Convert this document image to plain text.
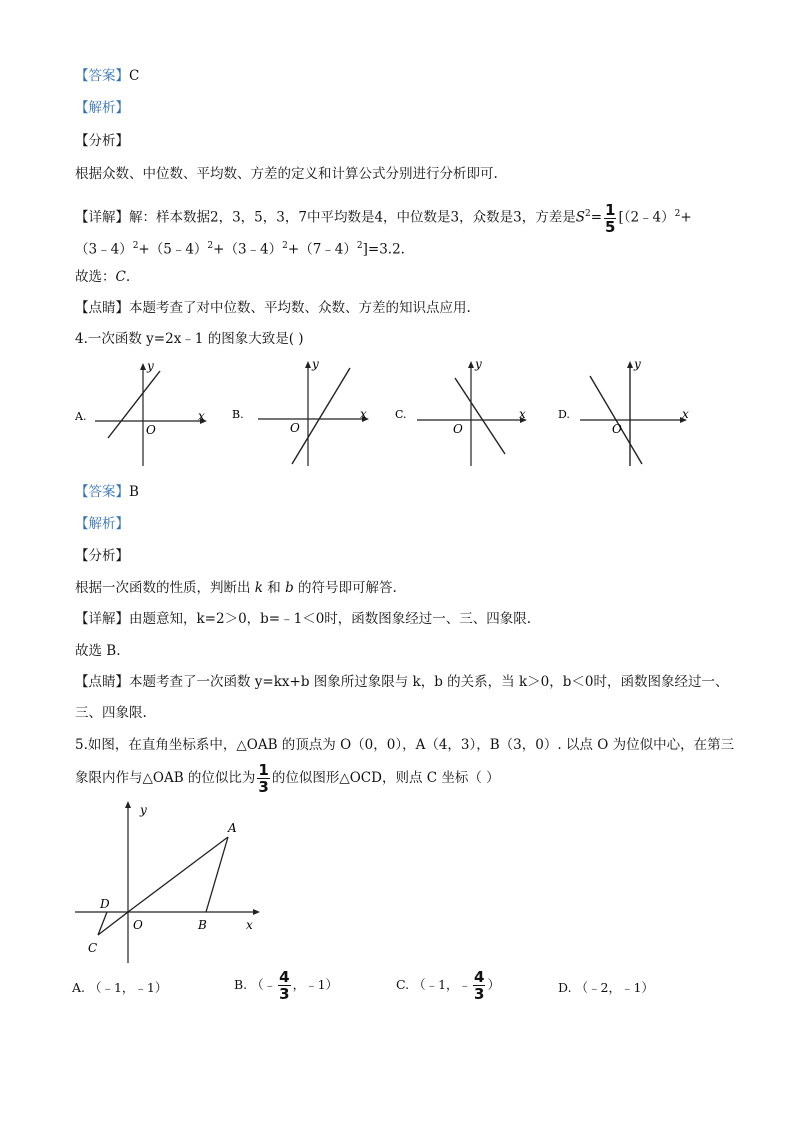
【答案】C
【解析】
【分析】
根据众数、中位数、平均数、方差的定义和计算公式分别进行分析即可.
【详解】解：样本数据2，3，5，3，7中平均数是4，中位数是3，众数是3，方差是$S^2= \frac{1}{5}$ [（2﹣4）$^2$+
（3﹣4）$^2$+（5﹣4）$^2$+（3﹣4）$^2$+（7﹣4）$^2$]=3.2.
故选：C.
【点睛】本题考查了对中位数、平均数、众数、方差的知识点应用.
4.一次函数 y=2x﹣1 的图象大致是( )
A.
y
x
O
B.
y
x
O
C.
y
x
O
D.
y
x
O
【答案】B
【解析】
【分析】
根据一次函数的性质，判断出 k 和 b 的符号即可解答.
【详解】由题意知，k=2＞0，b=﹣1＜0时，函数图象经过一、三、四象限.
故选 B.
【点睛】本题考查了一次函数 y=kx+b 图象所过象限与 k，b 的关系，当 k＞0，b＜0时，函数图象经过一、
三、四象限.
5.如图，在直角坐标系中，△OAB 的顶点为 O（0，0），A（4，3），B（3，0）. 以点 O 为位似中心，在第三
象限内作与△OAB 的位似比为 $\frac{1}{3}$ 的位似图形△OCD，则点 C 坐标（ ）
y
x
O
A
B
C
D
A. （﹣1，﹣1）	B. （﹣ $\frac{4}{3}$ ，﹣1）	C. （﹣1，﹣ $\frac{4}{3}$ ）	D. （﹣2，﹣1）
